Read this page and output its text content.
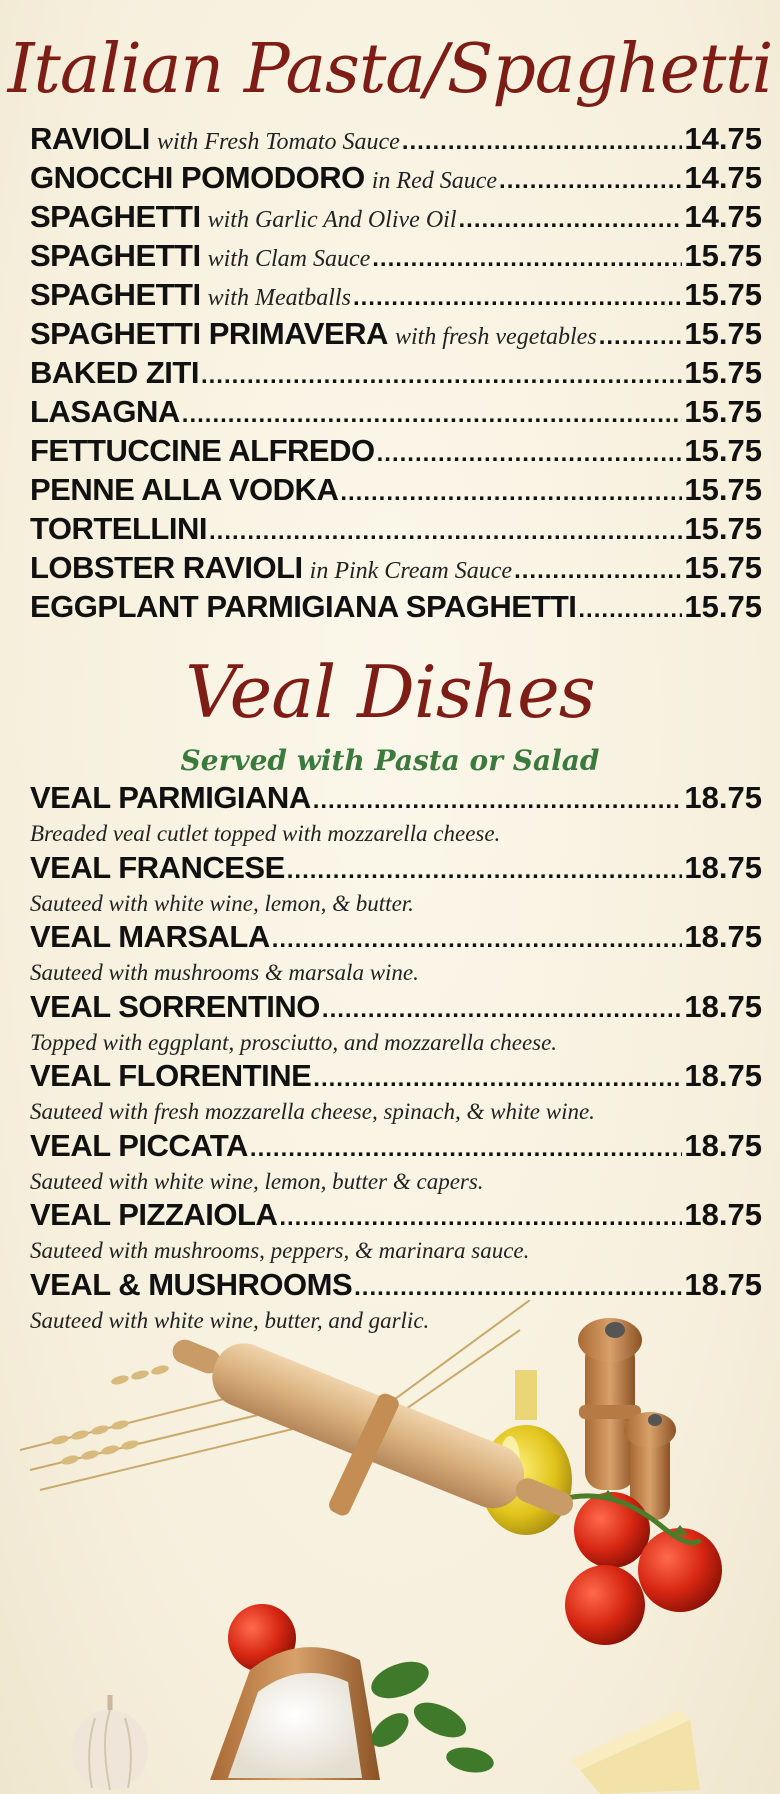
Italian Pasta/Spaghetti
RAVIOLI with Fresh Tomato Sauce .....	14.75
GNOCCHI POMODORO in Red Sauce .....	14.75
SPAGHETTI with Garlic And Olive Oil .....	14.75
SPAGHETTI with Clam Sauce .....	15.75
SPAGHETTI with Meatballs .....	15.75
SPAGHETTI PRIMAVERA with fresh vegetables .....	15.75
BAKED ZITI .....	15.75
LASAGNA .....	15.75
FETTUCCINE ALFREDO .....	15.75
PENNE ALLA VODKA .....	15.75
TORTELLINI .....	15.75
LOBSTER RAVIOLI in Pink Cream Sauce .....	15.75
EGGPLANT PARMIGIANA SPAGHETTI .....	15.75
Veal Dishes
Served with Pasta or Salad
VEAL PARMIGIANA .....	18.75
Breaded veal cutlet topped with mozzarella cheese.
VEAL FRANCESE .....	18.75
Sauteed with white wine, lemon, & butter.
VEAL MARSALA .....	18.75
Sauteed with mushrooms & marsala wine.
VEAL SORRENTINO .....	18.75
Topped with eggplant, prosciutto, and mozzarella cheese.
VEAL FLORENTINE .....	18.75
Sauteed with fresh mozzarella cheese, spinach, & white wine.
VEAL PICCATA .....	18.75
Sauteed with white wine, lemon, butter & capers.
VEAL PIZZAIOLA .....	18.75
Sauteed with mushrooms, peppers, & marinara sauce.
VEAL & MUSHROOMS .....	18.75
Sauteed with white wine, butter, and garlic.
